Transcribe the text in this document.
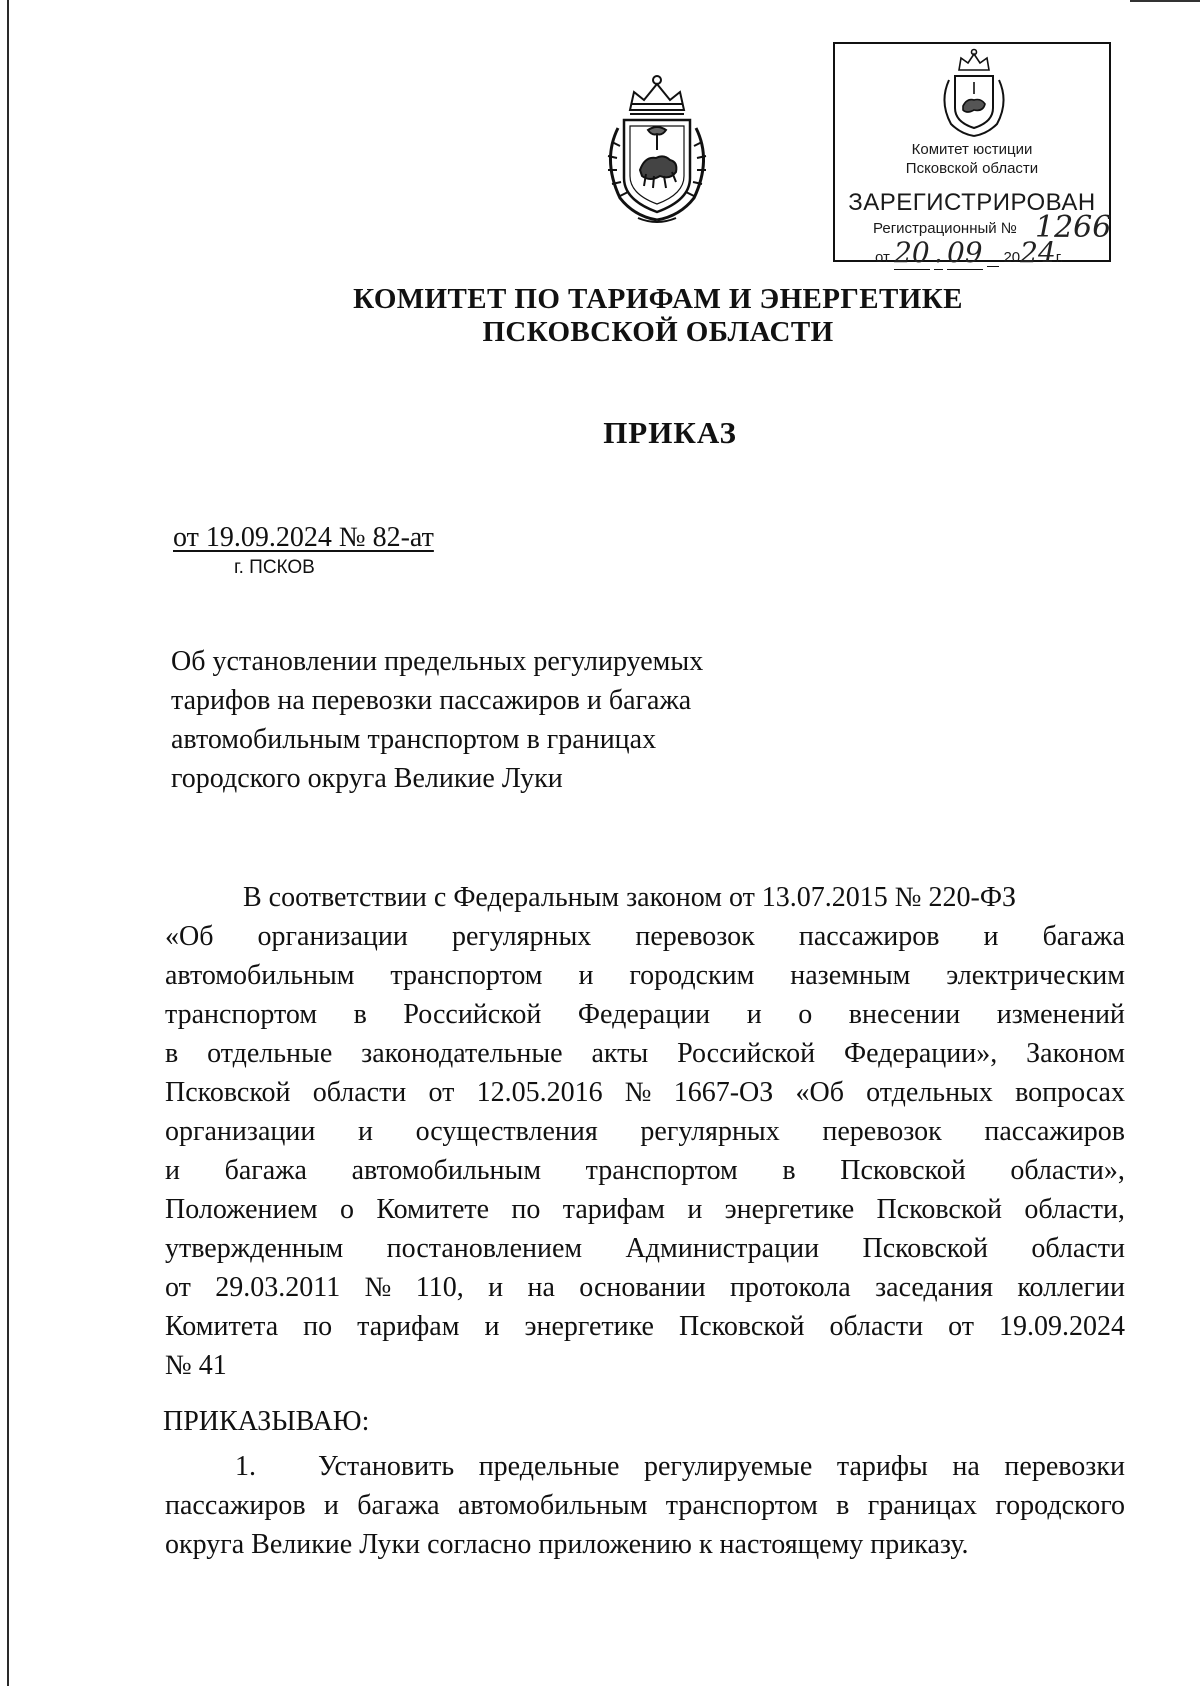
Комитет юстиции
Псковской области
ЗАРЕГИСТРИРОВАН
Регистрационный № 1266
от 20 . 09 2024г.
КОМИТЕТ ПО ТАРИФАМ И ЭНЕРГЕТИКЕ
ПСКОВСКОЙ ОБЛАСТИ
ПРИКАЗ
от 19.09.2024 № 82-ат
г. ПСКОВ
Об установлении предельных регулируемых
тарифов на перевозки пассажиров и багажа
автомобильным транспортом в границах
городского округа Великие Луки
В соответствии с Федеральным законом от 13.07.2015 № 220-ФЗ
«Об организации регулярных перевозок пассажиров и багажа
автомобильным транспортом и городским наземным электрическим
транспортом в Российской Федерации и о внесении изменений
в отдельные законодательные акты Российской Федерации», Законом
Псковской области от 12.05.2016 № 1667-ОЗ «Об отдельных вопросах
организации и осуществления регулярных перевозок пассажиров
и багажа автомобильным транспортом в Псковской области»,
Положением о Комитете по тарифам и энергетике Псковской области,
утвержденным постановлением Администрации Псковской области
от 29.03.2011 № 110, и на основании протокола заседания коллегии
Комитета по тарифам и энергетике Псковской области от 19.09.2024
№ 41
ПРИКАЗЫВАЮ:
1.	Установить предельные регулируемые тарифы на перевозки
пассажиров и багажа автомобильным транспортом в границах городского
округа Великие Луки согласно приложению к настоящему приказу.
